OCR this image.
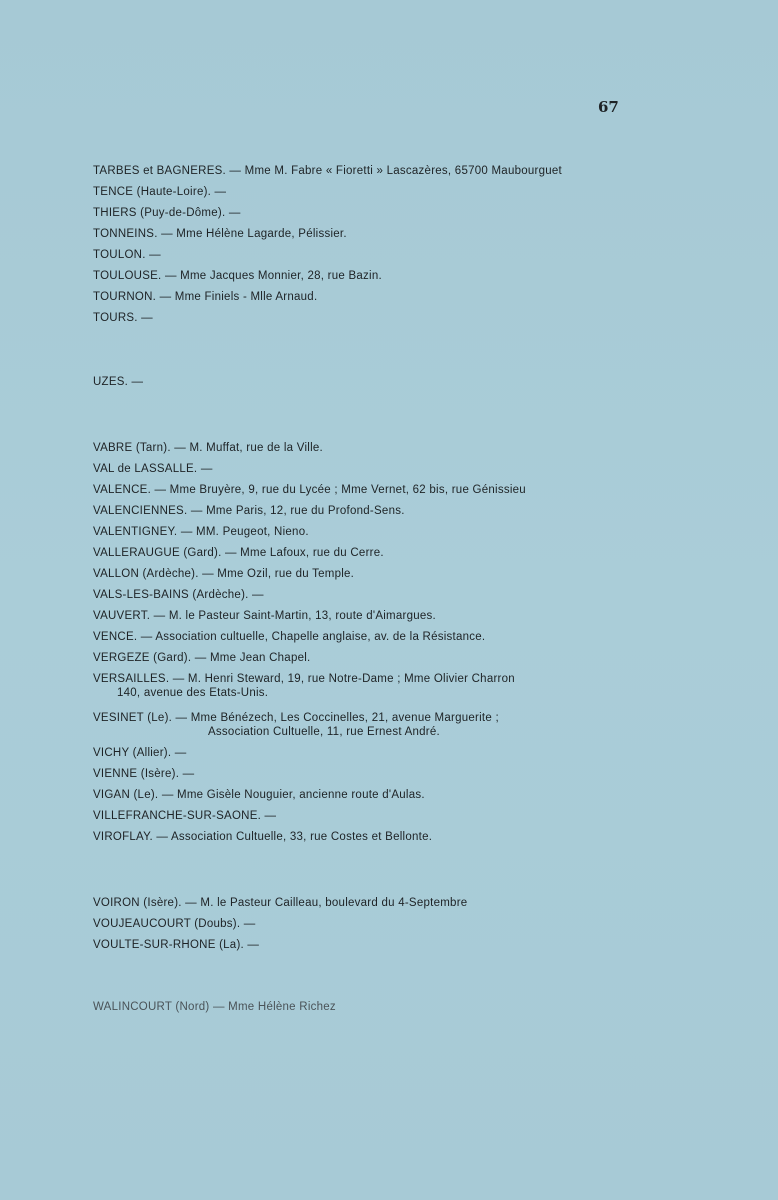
67
TARBES et BAGNERES. — Mme M. Fabre « Fioretti » Lascazères, 65700 Maubourguet
TENCE (Haute-Loire). —
THIERS (Puy-de-Dôme). —
TONNEINS. — Mme Hélène Lagarde, Pélissier.
TOULON. —
TOULOUSE. — Mme Jacques Monnier, 28, rue Bazin.
TOURNON. — Mme Finiels - Mlle Arnaud.
TOURS. —
UZES. —
VABRE (Tarn). — M. Muffat, rue de la Ville.
VAL de LASSALLE. —
VALENCE. — Mme Bruyère, 9, rue du Lycée ; Mme Vernet, 62 bis, rue Génissieu
VALENCIENNES. — Mme Paris, 12, rue du Profond-Sens.
VALENTIGNEY. — MM. Peugeot, Nieno.
VALLERAUGUE (Gard). — Mme Lafoux, rue du Cerre.
VALLON (Ardèche). — Mme Ozil, rue du Temple.
VALS-LES-BAINS (Ardèche). —
VAUVERT. — M. le Pasteur Saint-Martin, 13, route d'Aimargues.
VENCE. — Association cultuelle, Chapelle anglaise, av. de la Résistance.
VERGEZE (Gard). — Mme Jean Chapel.
VERSAILLES. — M. Henri Steward, 19, rue Notre-Dame ; Mme Olivier Charron
140, avenue des Etats-Unis.
VESINET (Le). — Mme Bénézech, Les Coccinelles, 21, avenue Marguerite ;
Association Cultuelle, 11, rue Ernest André.
VICHY (Allier). —
VIENNE (Isère). —
VIGAN (Le). — Mme Gisèle Nouguier, ancienne route d'Aulas.
VILLEFRANCHE-SUR-SAONE. —
VIROFLAY. — Association Cultuelle, 33, rue Costes et Bellonte.
VOIRON (Isère). — M. le Pasteur Cailleau, boulevard du 4-Septembre
VOUJEAUCOURT (Doubs). —
VOULTE-SUR-RHONE (La). —
WALINCOURT (Nord) — Mme Hélène Richez
